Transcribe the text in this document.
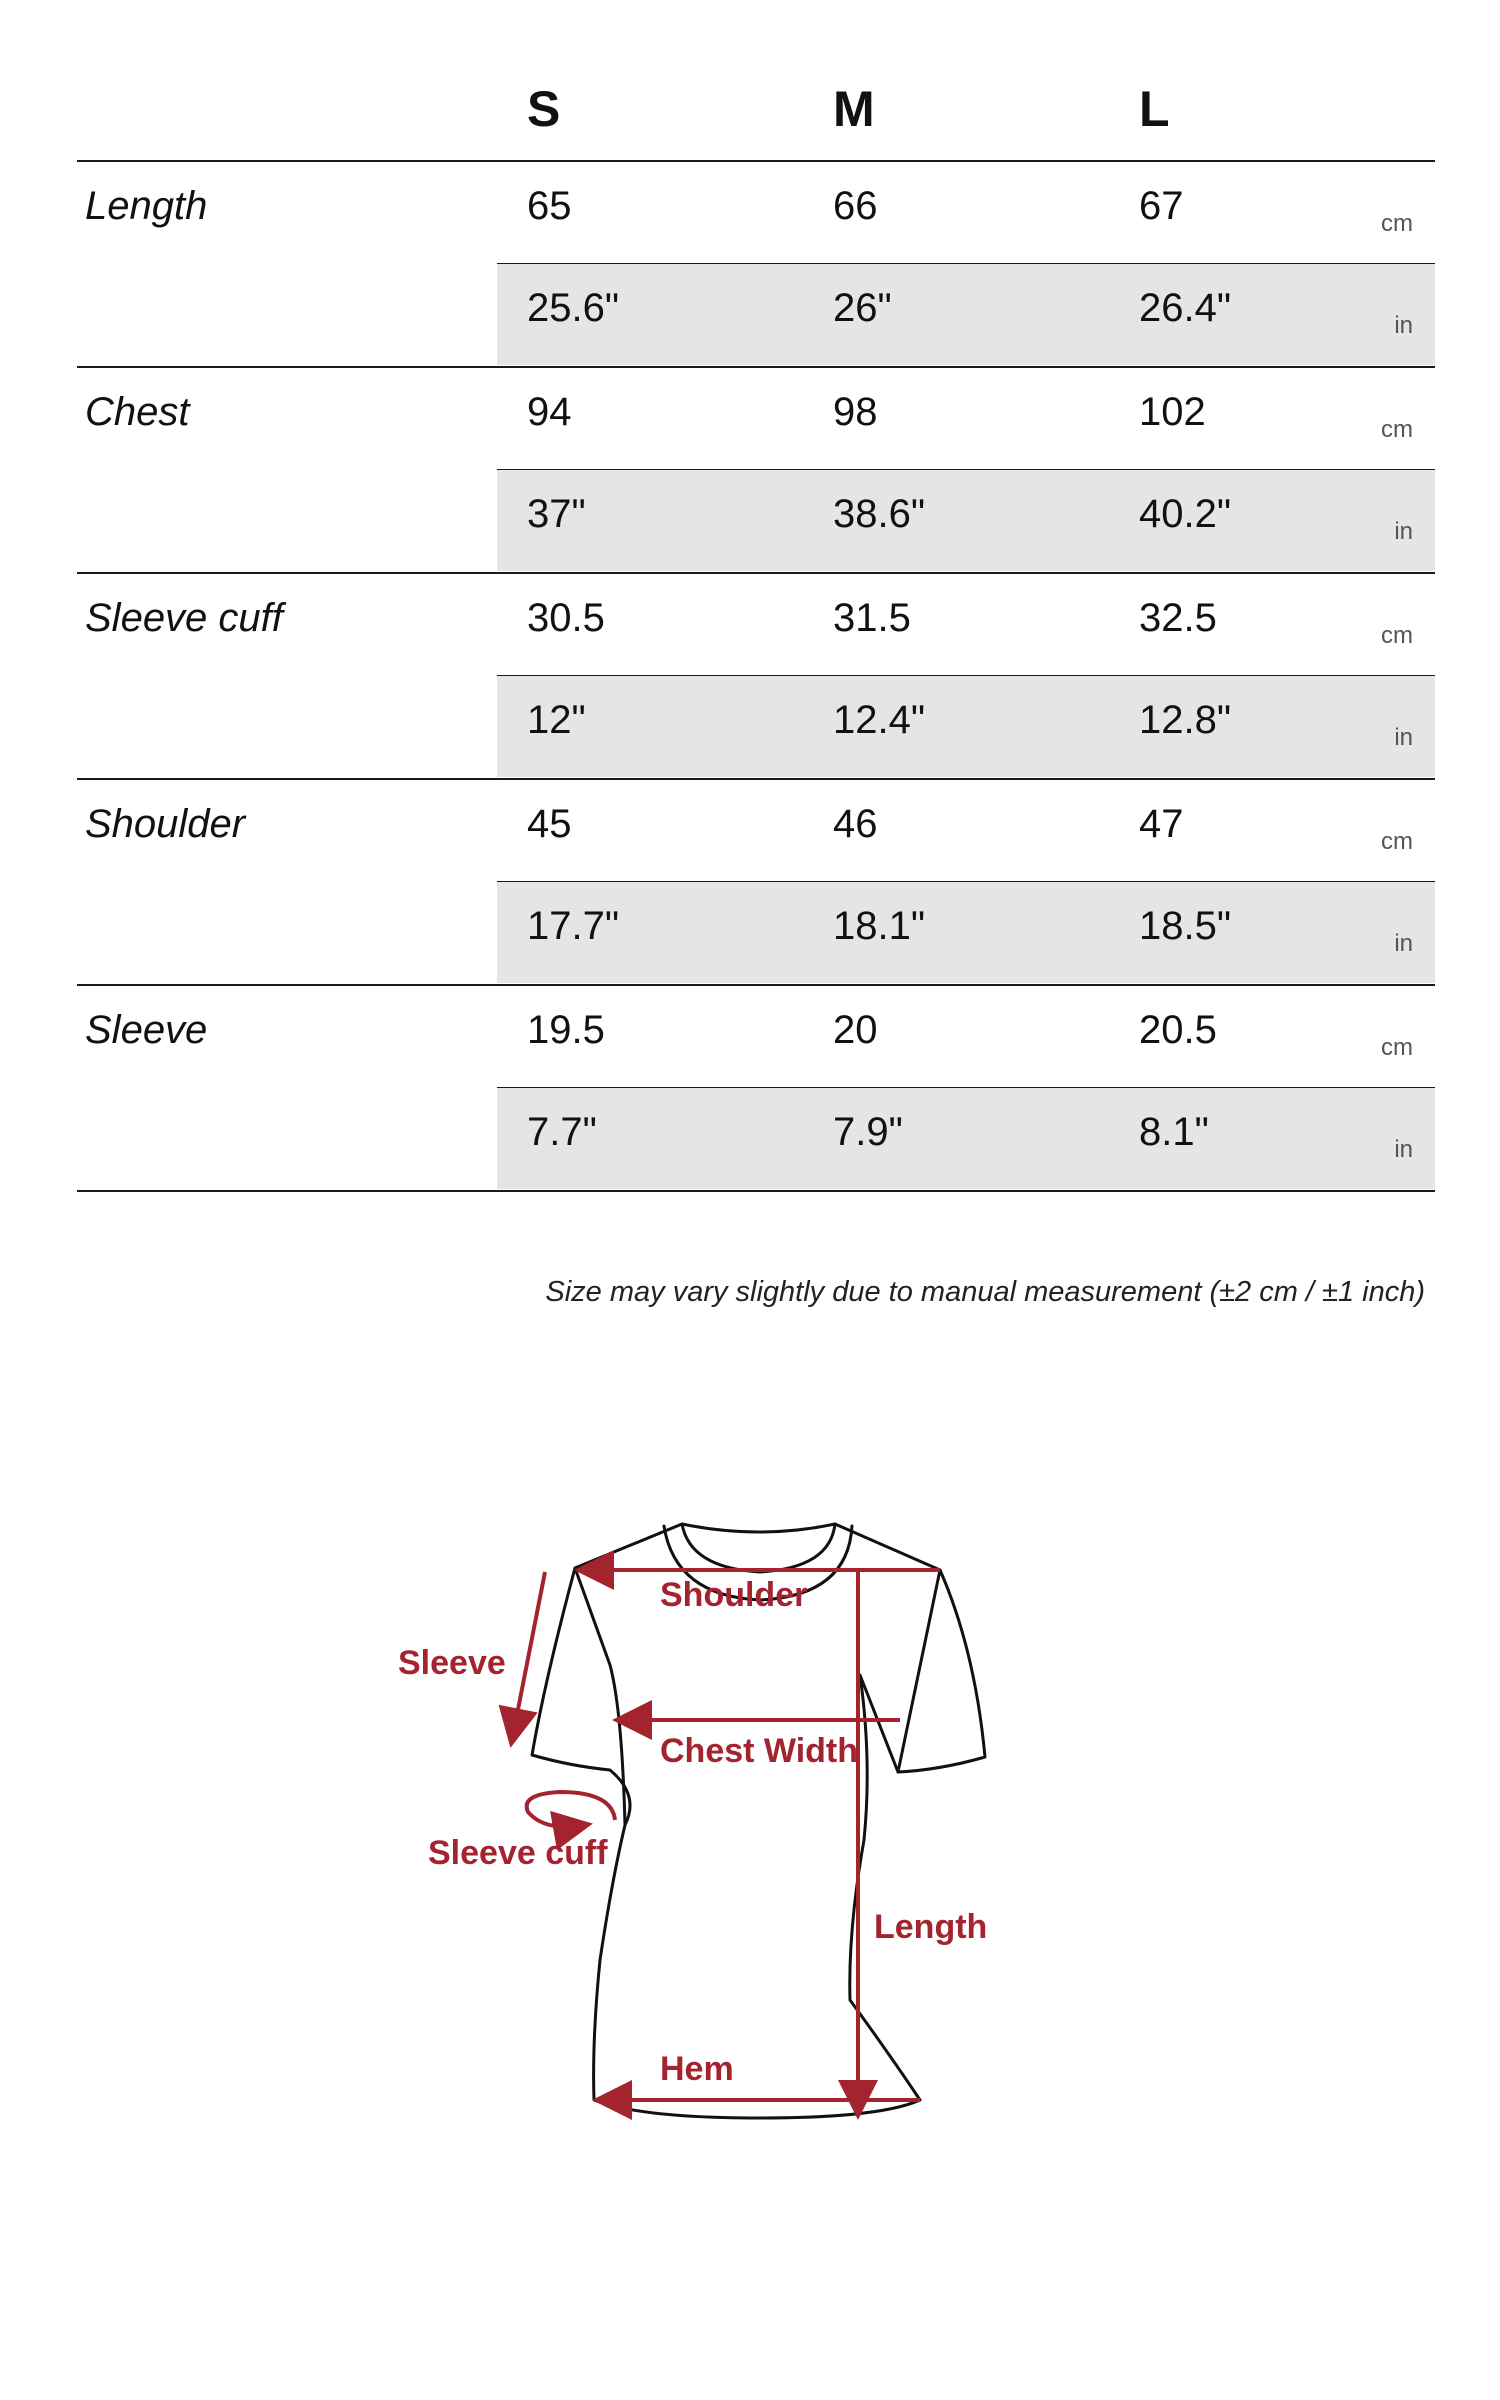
S	M	L
Length	65	66	67	cm
25.6"	26"	26.4"	in
Chest	94	98	102	cm
37"	38.6"	40.2"	in
Sleeve cuff	30.5	31.5	32.5	cm
12"	12.4"	12.8"	in
Shoulder	45	46	47	cm
17.7"	18.1"	18.5"	in
Sleeve	19.5	20	20.5	cm
7.7"	7.9"	8.1"	in
Size may vary slightly due to manual measurement (±2 cm / ±1 inch)
Shoulder
Sleeve
Chest Width
Sleeve cuff
Length
Hem
